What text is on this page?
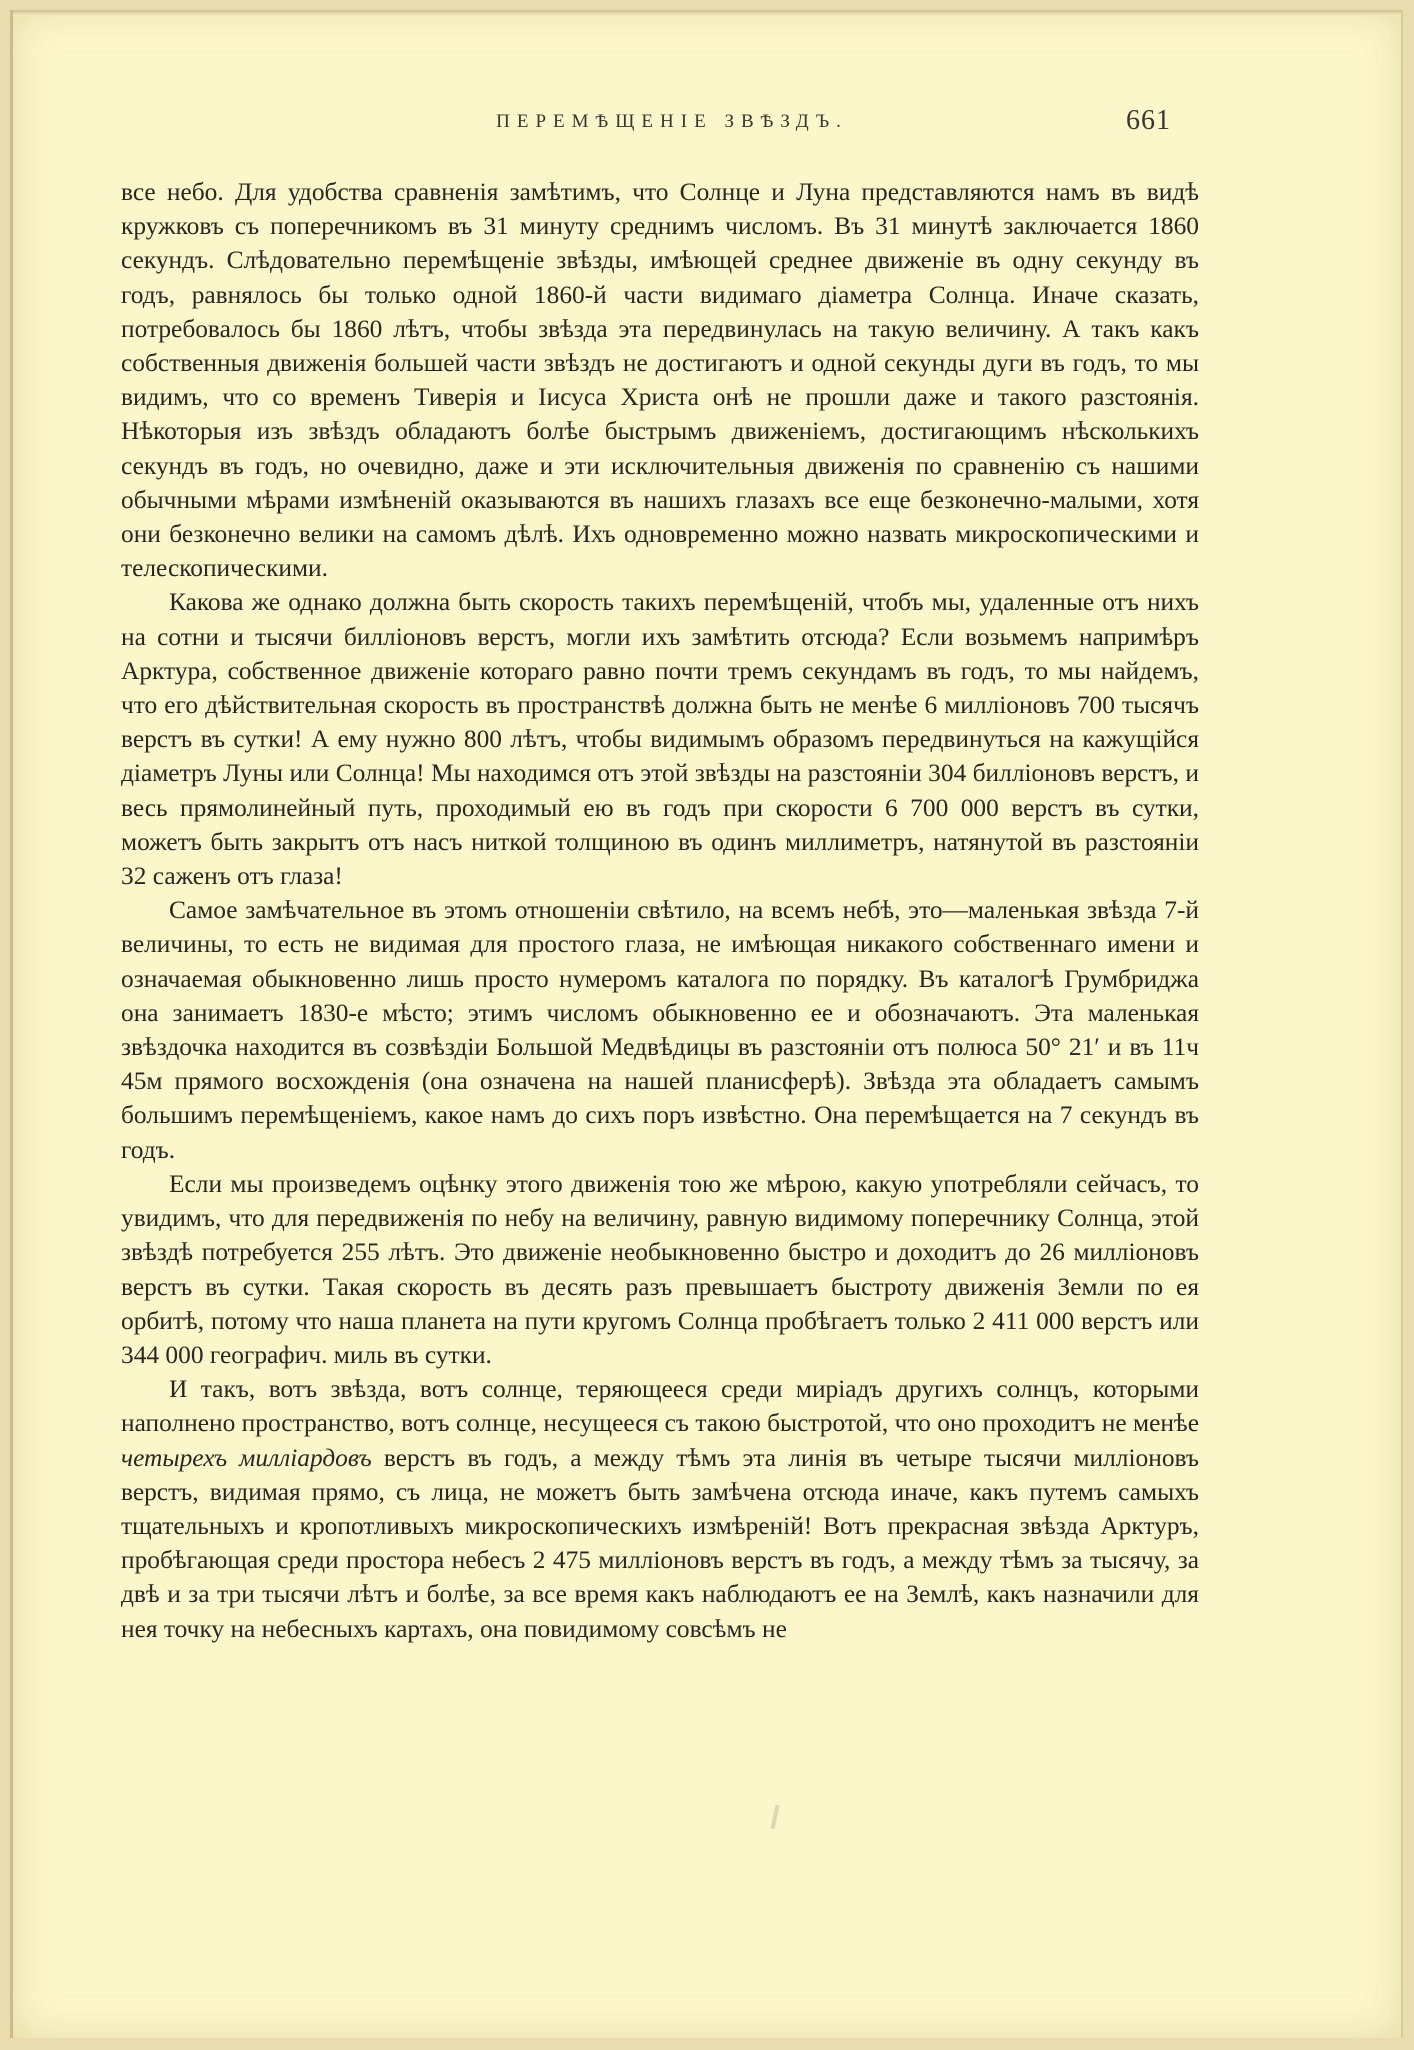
ПЕРЕМѢЩЕНІЕ ЗВѢЗДЪ.	661

все небо. Для удобства сравненія замѣтимъ, что Солнце и Луна представляются намъ въ видѣ кружковъ съ поперечникомъ въ 31 минуту среднимъ числомъ. Въ 31 минутѣ заключается 1860 секундъ. Слѣдовательно перемѣщеніе звѣзды, имѣющей среднее движеніе въ одну секунду въ годъ, равнялось бы только одной 1860-й части видимаго діаметра Солнца. Иначе сказать, потребовалось бы 1860 лѣтъ, чтобы звѣзда эта передвинулась на такую величину. А такъ какъ собственныя движенія большей части звѣздъ не достигаютъ и одной секунды дуги въ годъ, то мы видимъ, что со временъ Тиверія и Іисуса Христа онѣ не прошли даже и такого разстоянія. Нѣкоторыя изъ звѣздъ обладаютъ болѣе быстрымъ движеніемъ, достигающимъ нѣсколькихъ секундъ въ годъ, но очевидно, даже и эти исключительныя движенія по сравненію съ нашими обычными мѣрами измѣненій оказываются въ нашихъ глазахъ все еще безконечно-малыми, хотя они безконечно велики на самомъ дѣлѣ. Ихъ одновременно можно назвать микроскопическими и телескопическими.

Какова же однако должна быть скорость такихъ перемѣщеній, чтобъ мы, удаленные отъ нихъ на сотни и тысячи билліоновъ верстъ, могли ихъ замѣтить отсюда? Если возьмемъ напримѣръ Арктура, собственное движеніе котораго равно почти тремъ секундамъ въ годъ, то мы найдемъ, что его дѣйствительная скорость въ пространствѣ должна быть не менѣе 6 милліоновъ 700 тысячъ верстъ въ сутки! А ему нужно 800 лѣтъ, чтобы видимымъ образомъ передвинуться на кажущійся діаметръ Луны или Солнца! Мы находимся отъ этой звѣзды на разстояніи 304 билліоновъ верстъ, и весь прямолинейный путь, проходимый ею въ годъ при скорости 6 700 000 верстъ въ сутки, можетъ быть закрытъ отъ насъ ниткой толщиною въ одинъ миллиметръ, натянутой въ разстояніи 32 саженъ отъ глаза!

Самое замѣчательное въ этомъ отношеніи свѣтило, на всемъ небѣ, это—маленькая звѣзда 7-й величины, то есть не видимая для простого глаза, не имѣющая никакого собственнаго имени и означаемая обыкновенно лишь просто нумеромъ каталога по порядку. Въ каталогѣ Грумбриджа она занимаетъ 1830-е мѣсто; этимъ числомъ обыкновенно ее и обозначаютъ. Эта маленькая звѣздочка находится въ созвѣздіи Большой Медвѣдицы въ разстояніи отъ полюса 50° 21′ и въ 11ч 45м прямого восхожденія (она означена на нашей планисферѣ). Звѣзда эта обладаетъ самымъ большимъ перемѣщеніемъ, какое намъ до сихъ поръ извѣстно. Она перемѣщается на 7 секундъ въ годъ.

Если мы произведемъ оцѣнку этого движенія тою же мѣрою, какую употребляли сейчасъ, то увидимъ, что для передвиженія по небу на величину, равную видимому поперечнику Солнца, этой звѣздѣ потребуется 255 лѣтъ. Это движеніе необыкновенно быстро и доходитъ до 26 милліоновъ верстъ въ сутки. Такая скорость въ десять разъ превышаетъ быстроту движенія Земли по ея орбитѣ, потому что наша планета на пути кругомъ Солнца пробѣгаетъ только 2 411 000 верстъ или 344 000 географич. миль въ сутки.

И такъ, вотъ звѣзда, вотъ солнце, теряющееся среди миріадъ другихъ солнцъ, которыми наполнено пространство, вотъ солнце, несущееся съ такою быстротой, что оно проходитъ не менѣе четырехъ милліардовъ верстъ въ годъ, а между тѣмъ эта линія въ четыре тысячи милліоновъ верстъ, видимая прямо, съ лица, не можетъ быть замѣчена отсюда иначе, какъ путемъ самыхъ тщательныхъ и кропотливыхъ микроскопическихъ измѣреній! Вотъ прекрасная звѣзда Арктуръ, пробѣгающая среди простора небесъ 2 475 милліоновъ верстъ въ годъ, а между тѣмъ за тысячу, за двѣ и за три тысячи лѣтъ и болѣе, за все время какъ наблюдаютъ ее на Землѣ, какъ назначили для нея точку на небесныхъ картахъ, она повидимому совсѣмъ не
